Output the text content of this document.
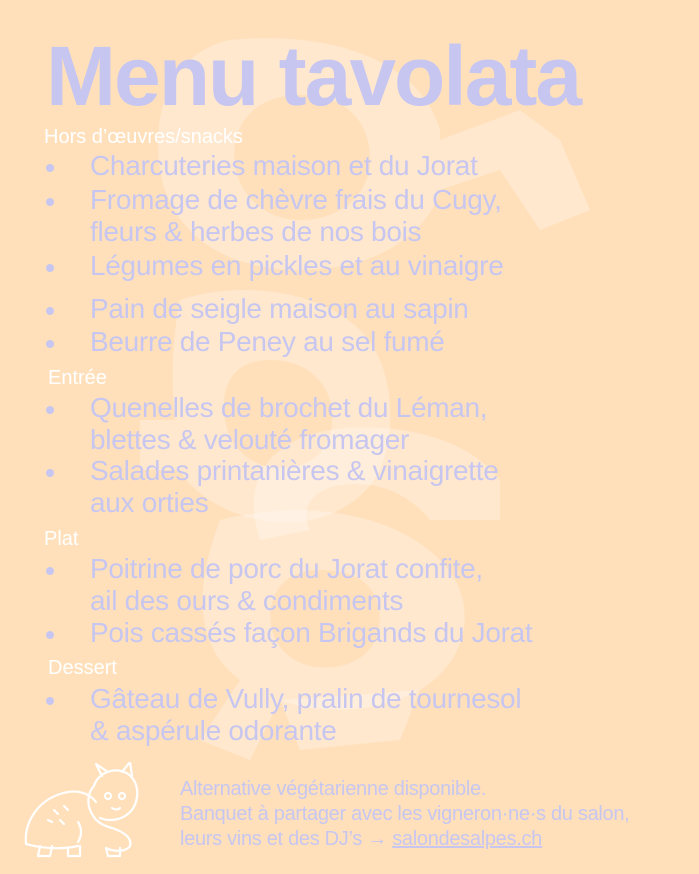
Menu tavolata
Hors d’œuvres/snacks
Charcuteries maison et du Jorat
Fromage de chèvre frais du Cugy,
fleurs & herbes de nos bois
Légumes en pickles et au vinaigre
Pain de seigle maison au sapin
Beurre de Peney au sel fumé
Entrée
Quenelles de brochet du Léman,
blettes & velouté fromager
Salades printanières & vinaigrette
aux orties
Plat
Poitrine de porc du Jorat confite,
ail des ours & condiments
Pois cassés façon Brigands du Jorat
Dessert
Gâteau de Vully, pralin de tournesol
& aspérule odorante
Alternative végétarienne disponible.
Banquet à partager avec les vigneron·ne·s du salon,
leurs vins et des DJ’s → salondesalpes.ch
